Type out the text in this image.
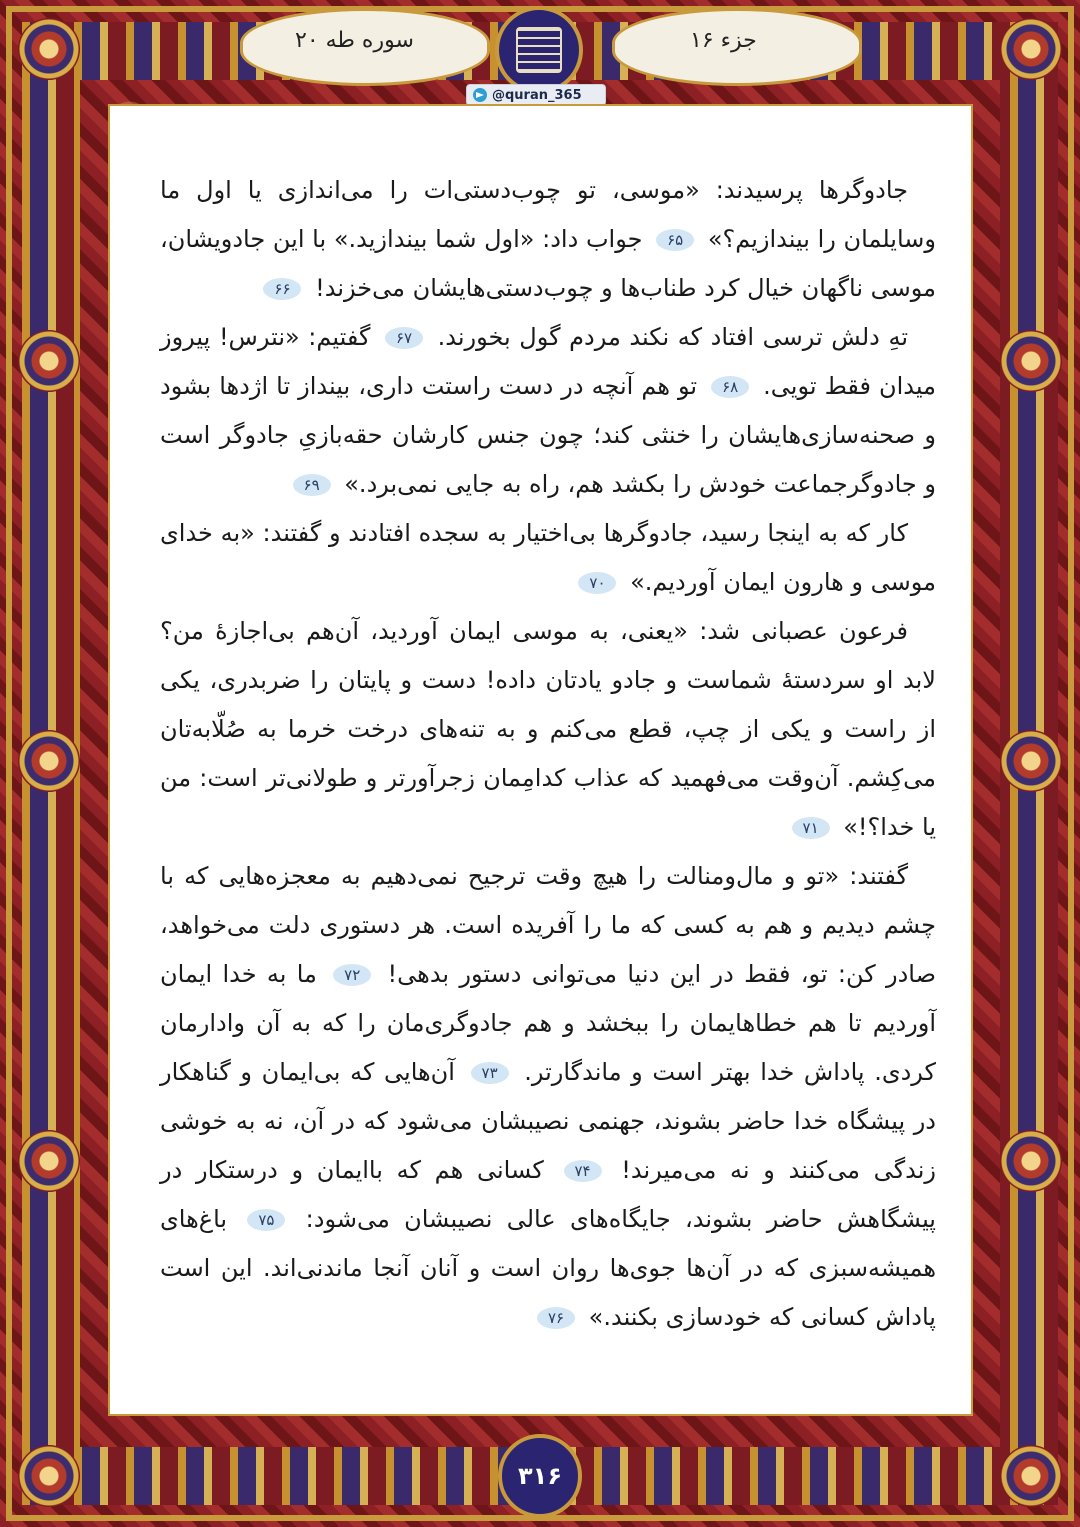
سوره طه ۲۰	جزء ۱۶
@quran_365

جادوگرها پرسیدند: «موسی، تو چوب‌دستی‌ات را می‌اندازی یا اول ما وسایلمان را بیندازیم؟» ۶۵ جواب داد: «اول شما بیندازید.» با این جادویشان، موسی ناگهان خیال کرد طناب‌ها و چوب‌دستی‌هایشان می‌خزند! ۶۶

تهِ دلش ترسی افتاد که نکند مردم گول بخورند. ۶۷ گفتیم: «نترس! پیروز میدان فقط تویی. ۶۸ تو هم آنچه در دست راستت داری، بینداز تا اژدها بشود و صحنه‌سازی‌هایشان را خنثی کند؛ چون جنس کارشان حقه‌بازیِ جادوگر است و جادوگرجماعت خودش را بکشد هم، راه به جایی نمی‌برد.» ۶۹

کار که به اینجا رسید، جادوگرها بی‌اختیار به سجده افتادند و گفتند: «به خدای موسی و هارون ایمان آوردیم.» ۷۰

فرعون عصبانی شد: «یعنی، به موسی ایمان آوردید، آن‌هم بی‌اجازهٔ من؟ لابد او سردستهٔ شماست و جادو یادتان داده! دست و پایتان را ضربدری، یکی از راست و یکی از چپ، قطع می‌کنم و به تنه‌های درخت خرما به صُلّابه‌تان می‌کِشم. آن‌وقت می‌فهمید که عذاب کدامِمان زجرآورتر و طولانی‌تر است: من یا خدا؟!» ۷۱

گفتند: «تو و مال‌ومنالت را هیچ وقت ترجیح نمی‌دهیم به معجزه‌هایی که با چشم دیدیم و هم به کسی که ما را آفریده است. هر دستوری دلت می‌خواهد، صادر کن: تو، فقط در این دنیا می‌توانی دستور بدهی! ۷۲ ما به خدا ایمان آوردیم تا هم خطاهایمان را ببخشد و هم جادوگری‌مان را که به آن وادارمان کردی. پاداش خدا بهتر است و ماندگارتر. ۷۳ آن‌هایی که بی‌ایمان و گناهکار در پیشگاه خدا حاضر بشوند، جهنمی نصیبشان می‌شود که در آن، نه به خوشی زندگی می‌کنند و نه می‌میرند! ۷۴ کسانی هم که باایمان و درستکار در پیشگاهش حاضر بشوند، جایگاه‌های عالی نصیبشان می‌شود: ۷۵ باغ‌های همیشه‌سبزی که در آن‌ها جوی‌ها روان است و آنان آنجا ماندنی‌اند. این است پاداش کسانی که خودسازی بکنند.» ۷۶

۳۱۶
